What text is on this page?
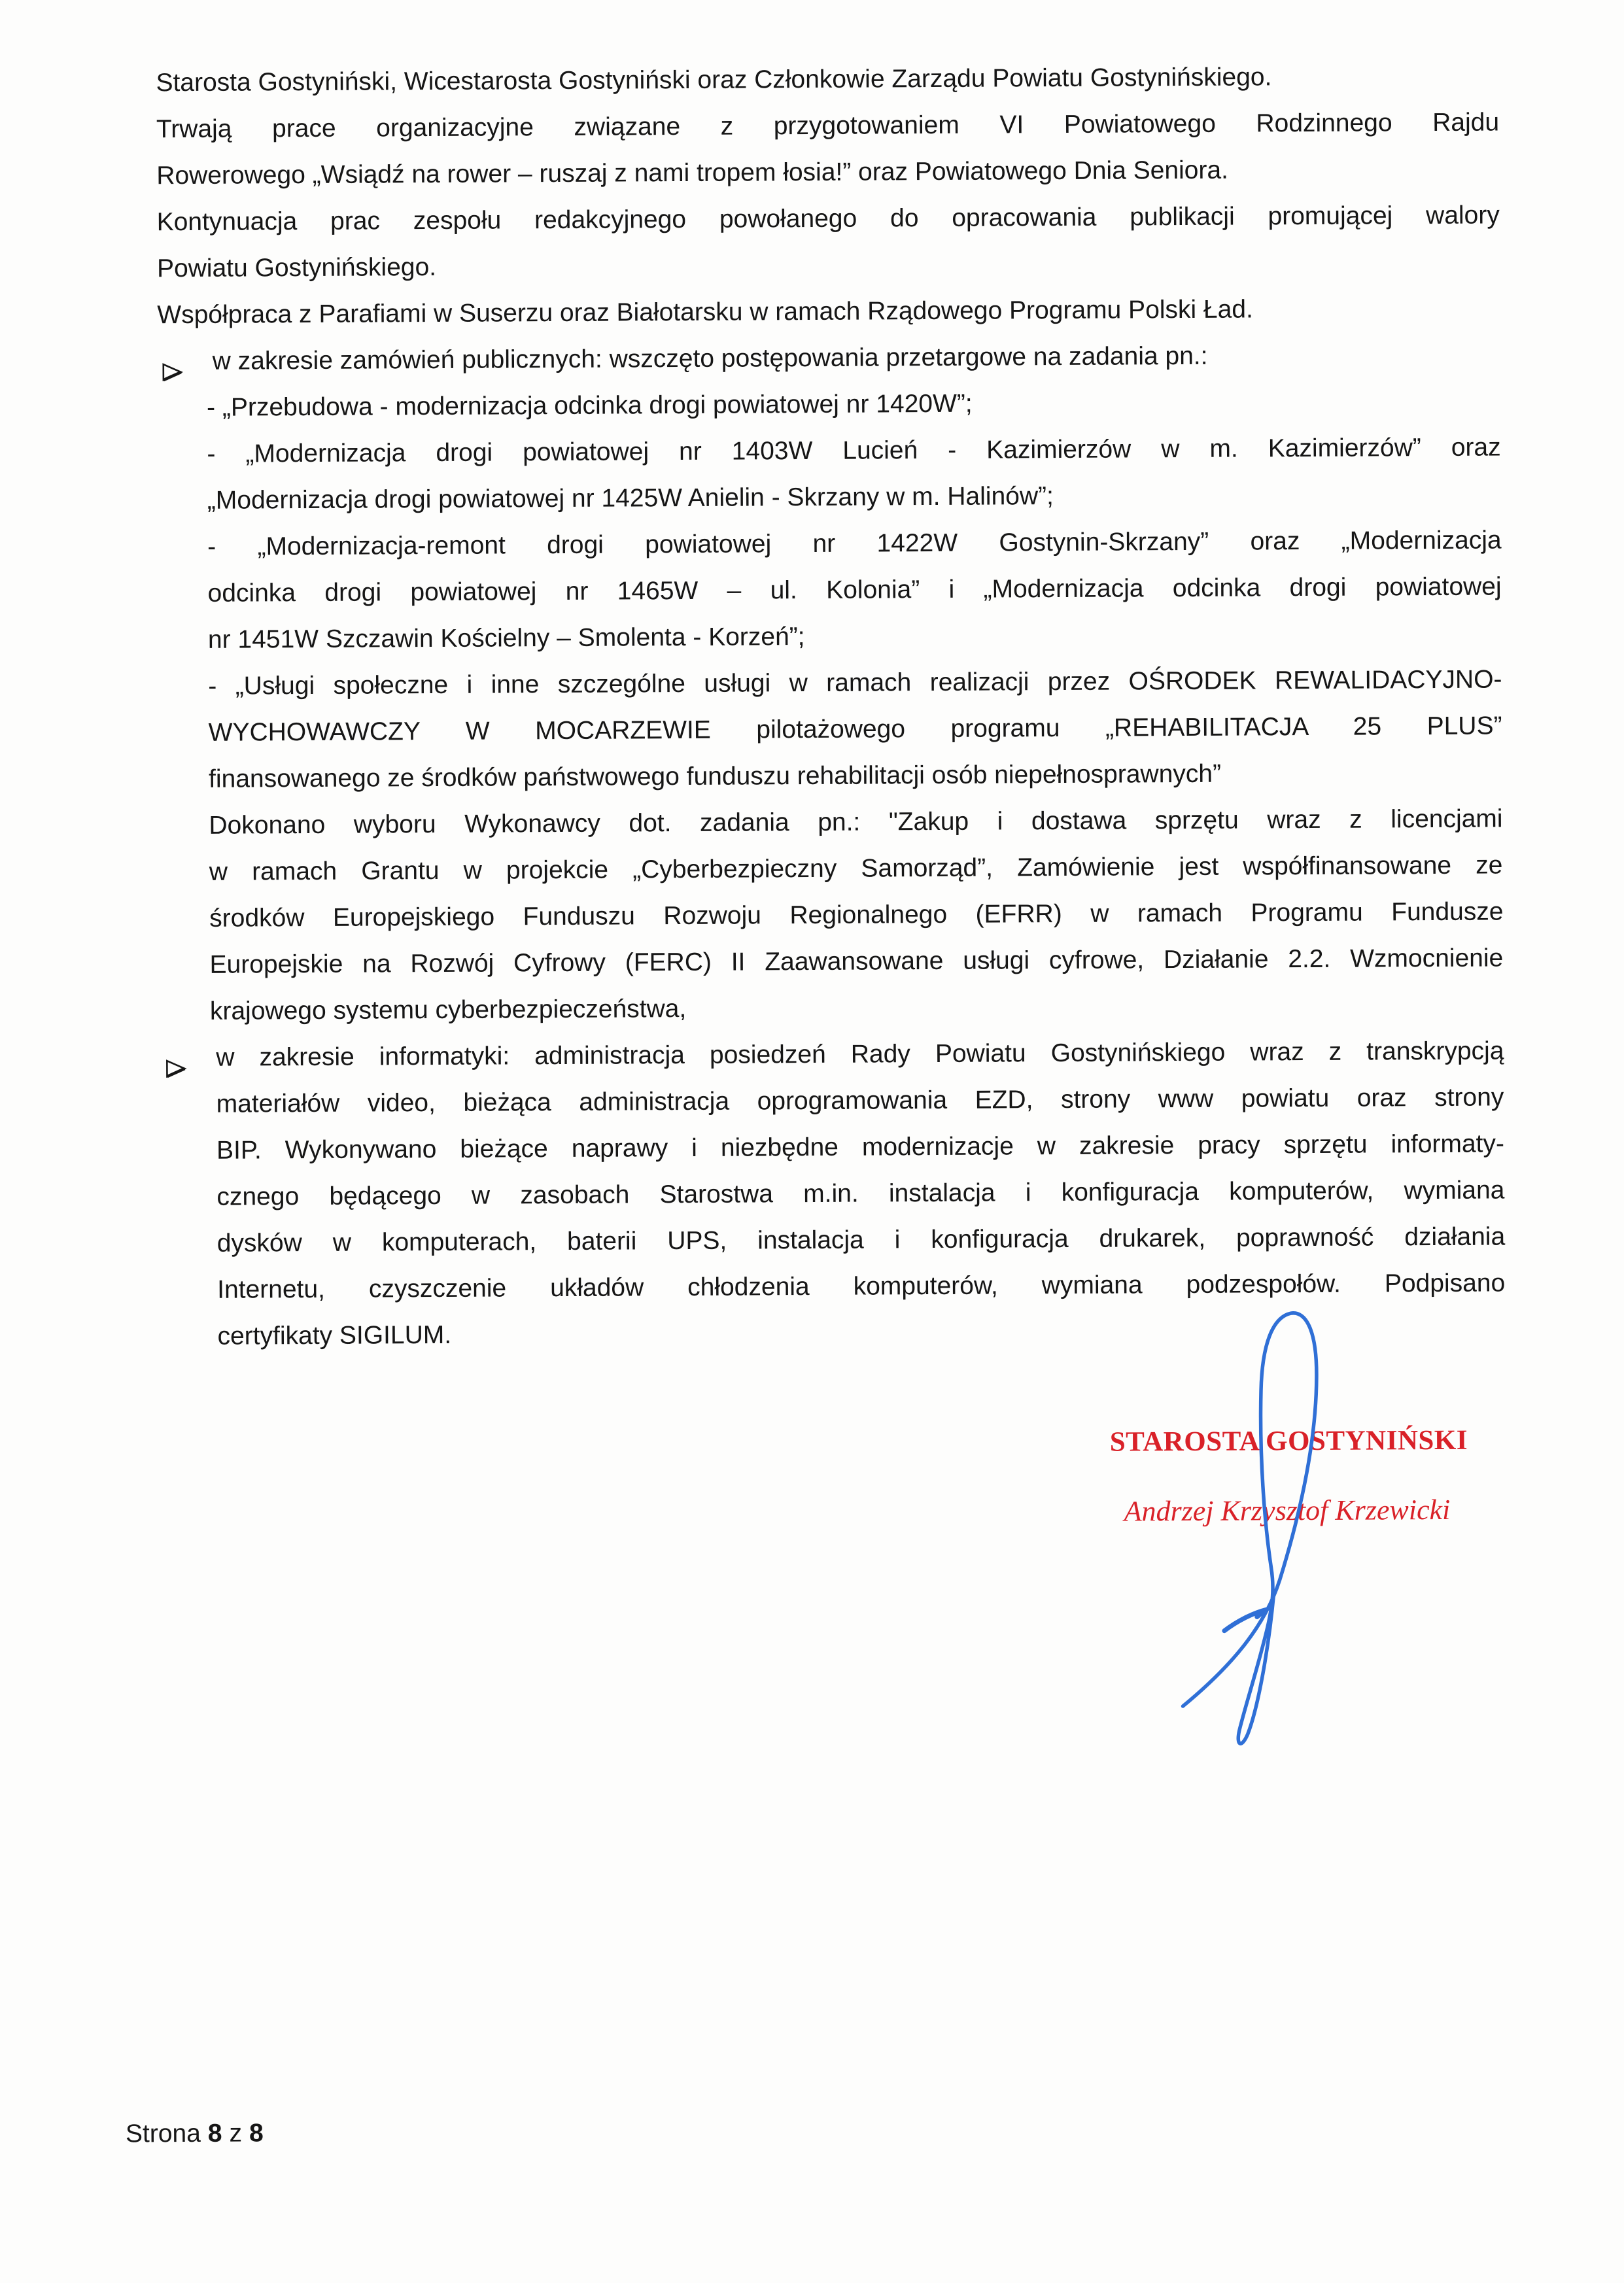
Starosta Gostyniński, Wicestarosta Gostyniński oraz Członkowie Zarządu Powiatu Gostynińskiego.
Trwają prace organizacyjne związane z przygotowaniem VI Powiatowego Rodzinnego Rajdu
Rowerowego „Wsiądź na rower – ruszaj z nami tropem łosia!” oraz Powiatowego Dnia Seniora.
Kontynuacja prac zespołu redakcyjnego powołanego do opracowania publikacji promującej walory
Powiatu Gostynińskiego.
Współpraca z Parafiami w Suserzu oraz Białotarsku w ramach Rządowego Programu Polski Ład.
w zakresie zamówień publicznych: wszczęto postępowania przetargowe na zadania pn.:
- „Przebudowa - modernizacja odcinka drogi powiatowej nr 1420W”;
- „Modernizacja drogi powiatowej nr 1403W Lucień - Kazimierzów w m. Kazimierzów” oraz
„Modernizacja drogi powiatowej nr 1425W Anielin - Skrzany w m. Halinów”;
- „Modernizacja-remont drogi powiatowej nr 1422W Gostynin-Skrzany” oraz „Modernizacja
odcinka drogi powiatowej nr 1465W – ul. Kolonia” i „Modernizacja odcinka drogi powiatowej
nr 1451W Szczawin Kościelny – Smolenta - Korzeń”;
- „Usługi społeczne i inne szczególne usługi w ramach realizacji przez OŚRODEK REWALIDACYJNO-
WYCHOWAWCZY W MOCARZEWIE pilotażowego programu „REHABILITACJA 25 PLUS”
finansowanego ze środków państwowego funduszu rehabilitacji osób niepełnosprawnych”
Dokonano wyboru Wykonawcy dot. zadania pn.: "Zakup i dostawa sprzętu wraz z licencjami
w ramach Grantu w projekcie „Cyberbezpieczny Samorząd”, Zamówienie jest współfinansowane ze
środków Europejskiego Funduszu Rozwoju Regionalnego (EFRR) w ramach Programu Fundusze
Europejskie na Rozwój Cyfrowy (FERC) II Zaawansowane usługi cyfrowe, Działanie 2.2. Wzmocnienie
krajowego systemu cyberbezpieczeństwa,
w zakresie informatyki: administracja posiedzeń Rady Powiatu Gostynińskiego wraz z transkrypcją
materiałów video, bieżąca administracja oprogramowania EZD, strony www powiatu oraz strony
BIP. Wykonywano bieżące naprawy i niezbędne modernizacje w zakresie pracy sprzętu informaty-
cznego będącego w zasobach Starostwa m.in. instalacja i konfiguracja komputerów, wymiana
dysków w komputerach, baterii UPS, instalacja i konfiguracja drukarek, poprawność działania
Internetu, czyszczenie układów chłodzenia komputerów, wymiana podzespołów. Podpisano
certyfikaty SIGILUM.
STAROSTA GOSTYNIŃSKI
Andrzej Krzysztof Krzewicki
Strona 8 z 8
